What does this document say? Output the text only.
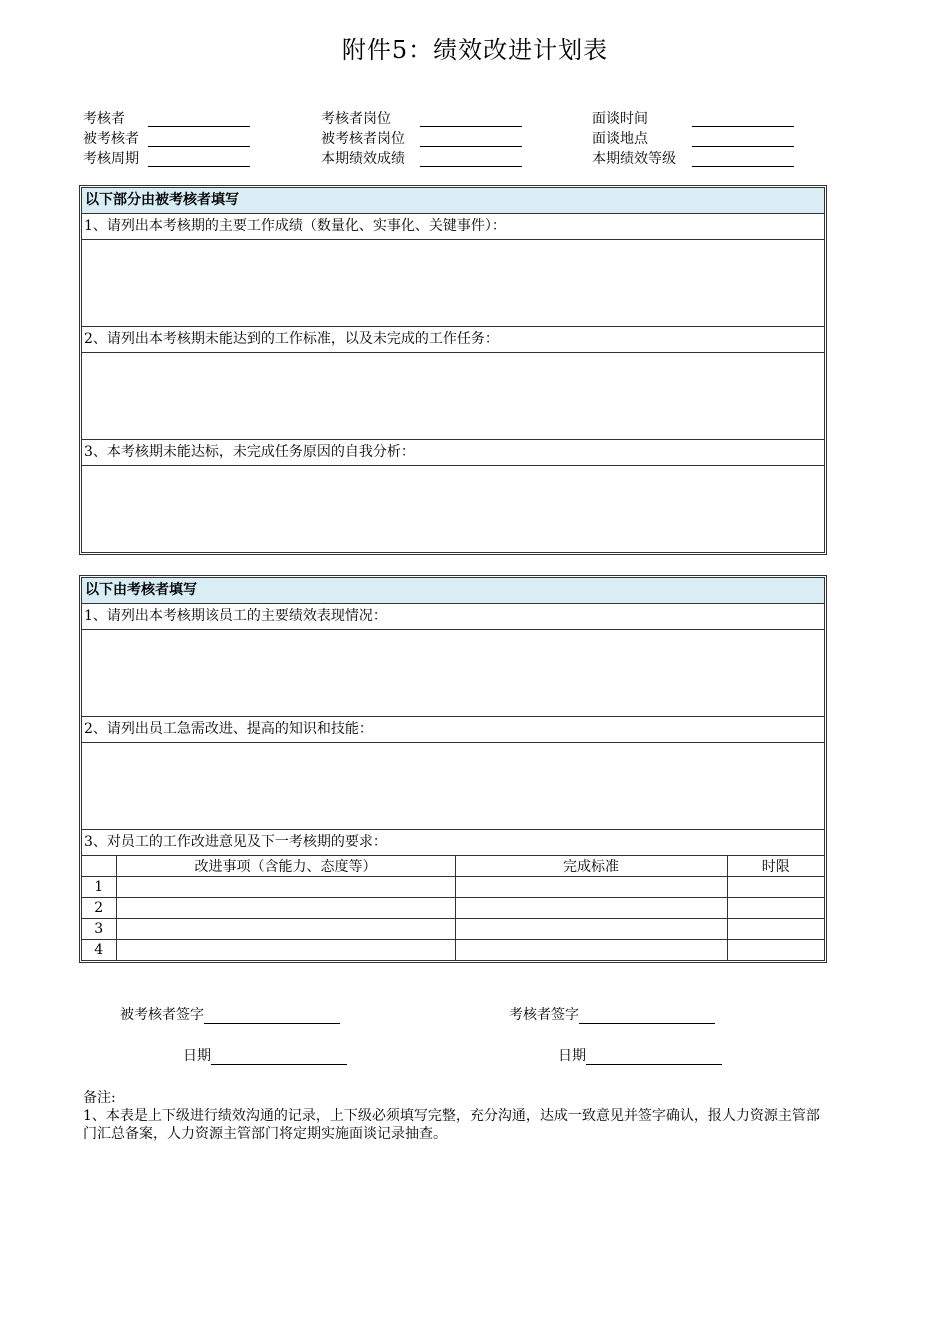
附件5：绩效改进计划表
考核者	考核者岗位	面谈时间
被考核者	被考核者岗位	面谈地点
考核周期	本期绩效成绩	本期绩效等级
以下部分由被考核者填写
1、请列出本考核期的主要工作成绩（数量化、实事化、关键事件）：
2、请列出本考核期未能达到的工作标准，以及未完成的工作任务：
3、本考核期未能达标，未完成任务原因的自我分析：
以下由考核者填写
1、请列出本考核期该员工的主要绩效表现情况：
2、请列出员工急需改进、提高的知识和技能：
3、对员工的工作改进意见及下一考核期的要求：
	改进事项（含能力、态度等）	完成标准	时限
1			
2			
3			
4			
被考核者签字	考核者签字
日期	日期
备注:
1、本表是上下级进行绩效沟通的记录，上下级必须填写完整，充分沟通，达成一致意见并签字确认，报人力资源主管部门汇总备案，人力资源主管部门将定期实施面谈记录抽查。
